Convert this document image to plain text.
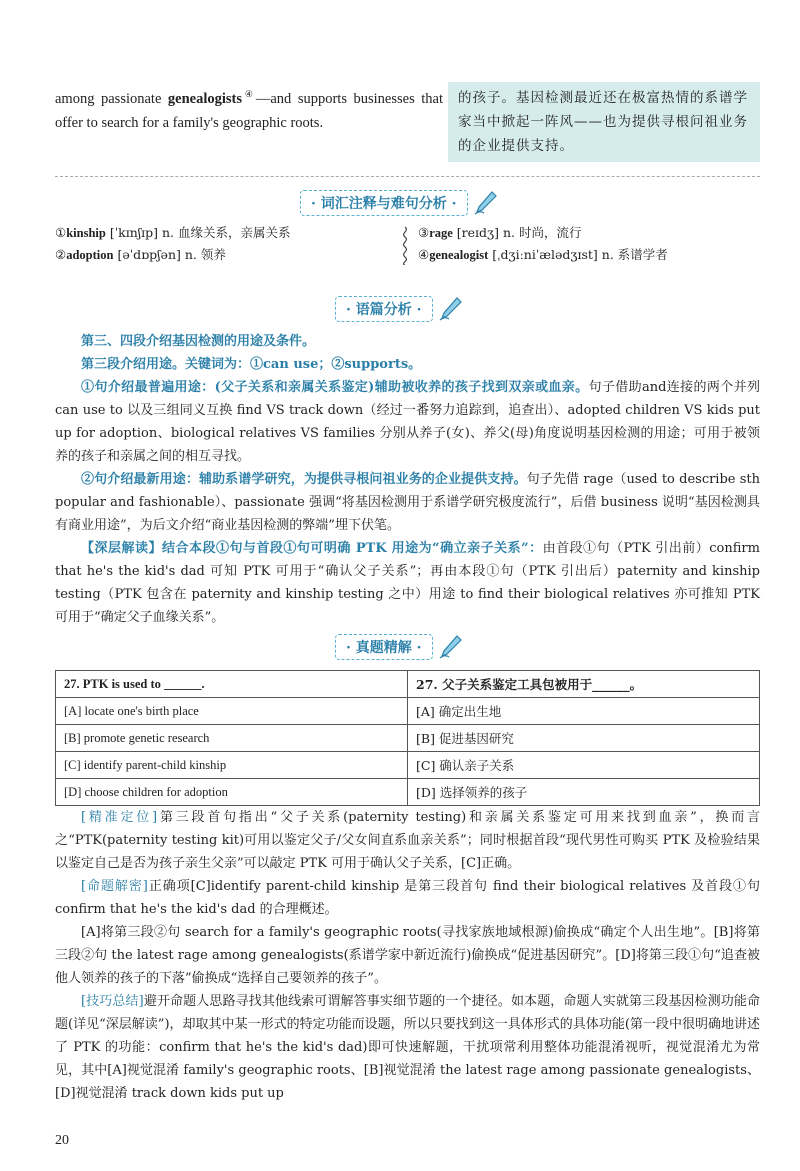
among passionate genealogists④—and supports businesses that offer to search for a family's geographic roots.
的孩子。基因检测最近还在极富热情的系谱学家当中掀起一阵风——也为提供寻根问祖业务的企业提供支持。
· 词汇注释与难句分析 ·
①kinship [ˈkɪnʃɪp] n. 血缘关系，亲属关系
②adoption [əˈdɒpʃən] n. 领养
③rage [reɪdʒ] n. 时尚，流行
④genealogist [ˌdʒiːniˈælədʒɪst] n. 系谱学者
· 语篇分析 ·

第三、四段介绍基因检测的用途及条件。

第三段介绍用途。关键词为：①can use；②supports。

①句介绍最普遍用途：(父子关系和亲属关系鉴定)辅助被收养的孩子找到双亲或血亲。句子借助and连接的两个并列 can use to 以及三组同义互换 find VS track down（经过一番努力追踪到，追查出）、adopted children VS kids put up for adoption、biological relatives VS families 分别从养子(女)、养父(母)角度说明基因检测的用途；可用于被领养的孩子和亲属之间的相互寻找。

②句介绍最新用途：辅助系谱学研究，为提供寻根问祖业务的企业提供支持。句子先借 rage（used to describe sth popular and fashionable）、passionate 强调“将基因检测用于系谱学研究极度流行”，后借 business 说明“基因检测具有商业用途”，为后文介绍“商业基因检测的弊端”埋下伏笔。

【深层解读】结合本段①句与首段①句可明确 PTK 用途为“确立亲子关系”：由首段①句（PTK 引出前）confirm that he's the kid's dad 可知 PTK 可用于“确认父子关系”；再由本段①句（PTK 引出后）paternity and kinship testing（PTK 包含在 paternity and kinship testing 之中）用途 to find their biological relatives 亦可推知 PTK 可用于“确定父子血缘关系”。

· 真题精解 ·
27. PTK is used to ______.	27. 父子关系鉴定工具包被用于______。
[A] locate one's birth place	[A] 确定出生地
[B] promote genetic research	[B] 促进基因研究
[C] identify parent-child kinship	[C] 确认亲子关系
[D] choose children for adoption	[D] 选择领养的孩子

[精准定位]第三段首句指出“父子关系(paternity testing)和亲属关系鉴定可用来找到血亲”，换而言之“PTK(paternity testing kit)可用以鉴定父子/父女间直系血亲关系”；同时根据首段“现代男性可购买 PTK 及检验结果以鉴定自己是否为孩子亲生父亲”可以敲定 PTK 可用于确认父子关系，[C]正确。

[命题解密]正确项[C]identify parent-child kinship 是第三段首句 find their biological relatives 及首段①句 confirm that he's the kid's dad 的合理概述。

[A]将第三段②句 search for a family's geographic roots(寻找家族地域根源)偷换成“确定个人出生地”。[B]将第三段②句 the latest rage among genealogists(系谱学家中新近流行)偷换成“促进基因研究”。[D]将第三段①句“追查被他人领养的孩子的下落”偷换成“选择自己要领养的孩子”。

[技巧总结]避开命题人思路寻找其他线索可谓解答事实细节题的一个捷径。如本题，命题人实就第三段基因检测功能命题(详见“深层解读”)，却取其中某一形式的特定功能而设题，所以只要找到这一具体形式的具体功能(第一段中很明确地讲述了 PTK 的功能：confirm that he's the kid's dad)即可快速解题，干扰项常利用整体功能混淆视听，视觉混淆尤为常见，其中[A]视觉混淆 family's geographic roots、[B]视觉混淆 the latest rage among passionate genealogists、[D]视觉混淆 track down kids put up

20
